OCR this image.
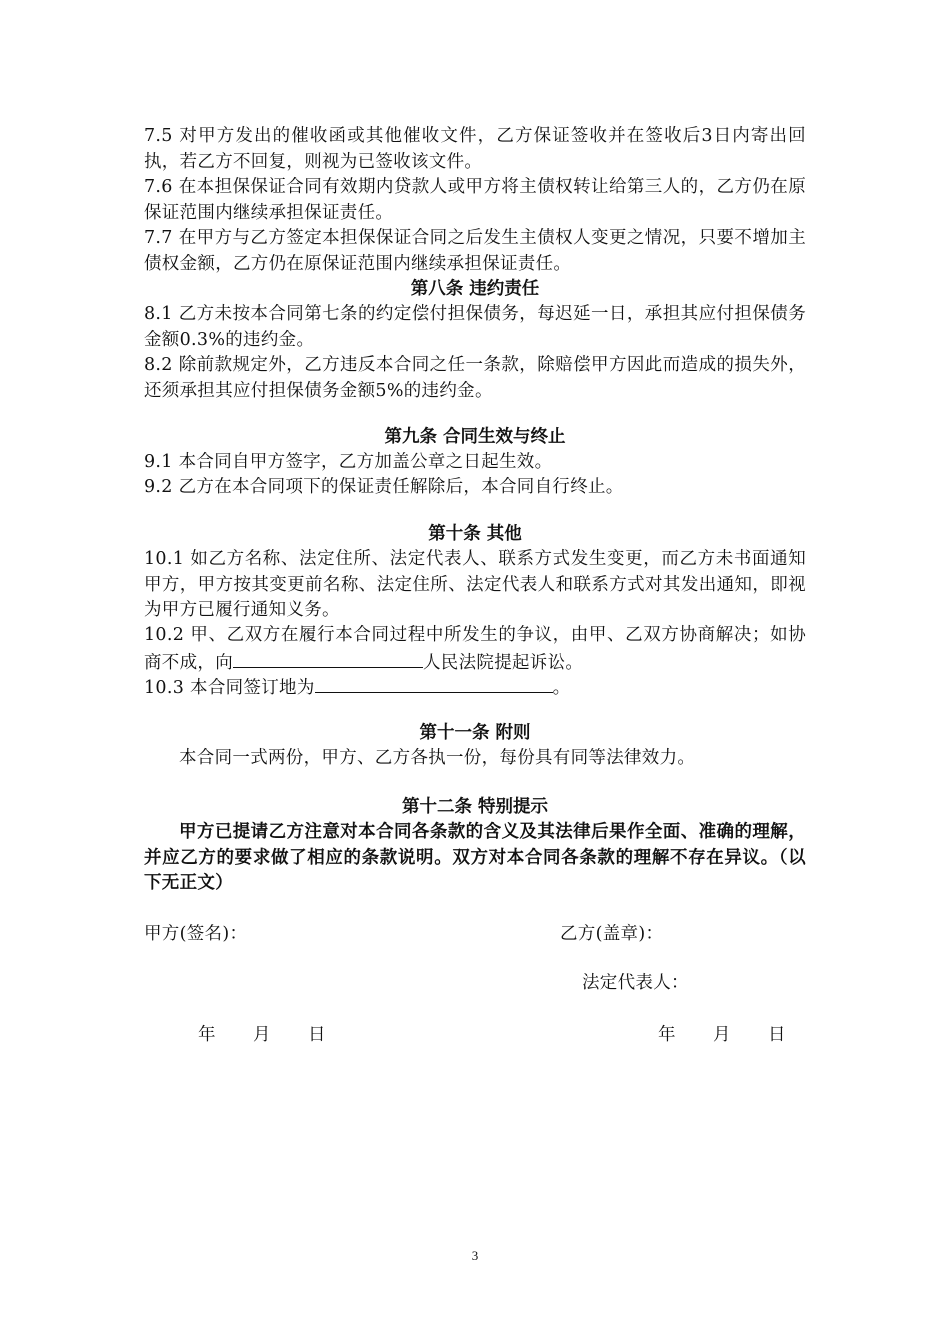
7.5 对甲方发出的催收函或其他催收文件，乙方保证签收并在签收后3日内寄出回执，若乙方不回复，则视为已签收该文件。
7.6 在本担保保证合同有效期内贷款人或甲方将主债权转让给第三人的，乙方仍在原保证范围内继续承担保证责任。
7.7 在甲方与乙方签定本担保保证合同之后发生主债权人变更之情况，只要不增加主债权金额，乙方仍在原保证范围内继续承担保证责任。
第八条 违约责任
8.1 乙方未按本合同第七条的约定偿付担保债务，每迟延一日，承担其应付担保债务金额0.3%的违约金。
8.2 除前款规定外，乙方违反本合同之任一条款，除赔偿甲方因此而造成的损失外，还须承担其应付担保债务金额5%的违约金。
第九条 合同生效与终止
9.1 本合同自甲方签字，乙方加盖公章之日起生效。
9.2 乙方在本合同项下的保证责任解除后，本合同自行终止。
第十条 其他
10.1 如乙方名称、法定住所、法定代表人、联系方式发生变更，而乙方未书面通知甲方，甲方按其变更前名称、法定住所、法定代表人和联系方式对其发出通知，即视为甲方已履行通知义务。
10.2 甲、乙双方在履行本合同过程中所发生的争议，由甲、乙双方协商解决；如协商不成，向	人民法院提起诉讼。
10.3 本合同签订地为	。
第十一条 附则
本合同一式两份，甲方、乙方各执一份，每份具有同等法律效力。
第十二条 特别提示
甲方已提请乙方注意对本合同各条款的含义及其法律后果作全面、准确的理解，并应乙方的要求做了相应的条款说明。双方对本合同各条款的理解不存在异议。（以下无正文）
甲方(签名)：	乙方(盖章)：
法定代表人：
年 月 日	年 月 日
3
